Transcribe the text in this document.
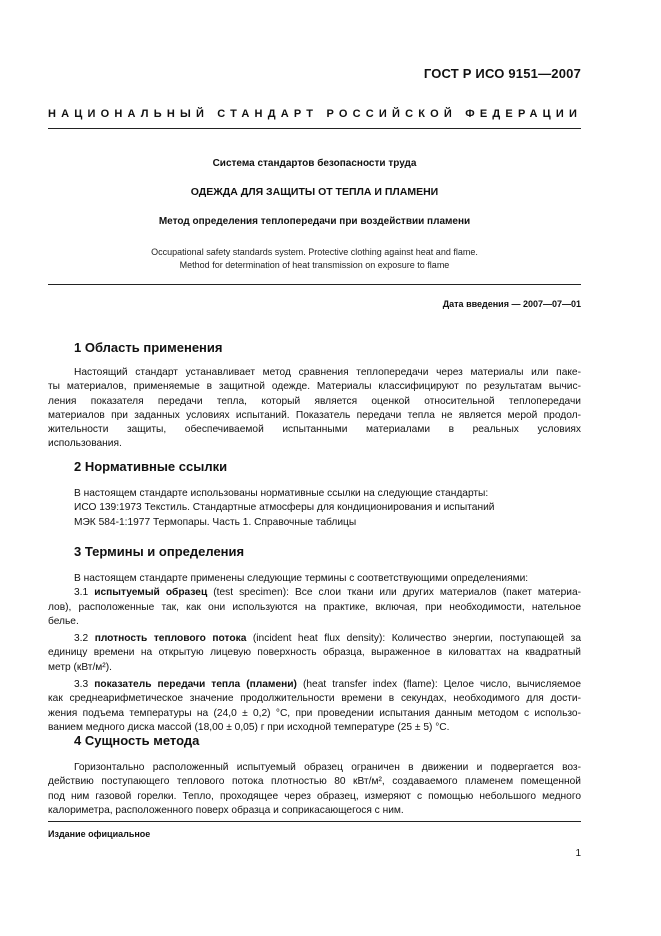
ГОСТ Р ИСО 9151—2007
НАЦИОНАЛЬНЫЙ СТАНДАРТ РОССИЙСКОЙ ФЕДЕРАЦИИ
Система стандартов безопасности труда
ОДЕЖДА ДЛЯ ЗАЩИТЫ ОТ ТЕПЛА И ПЛАМЕНИ
Метод определения теплопередачи при воздействии пламени
Occupational safety standards system. Protective clothing against heat and flame.
Method for determination of heat transmission on exposure to flame
Дата введения — 2007—07—01
1 Область применения
Настоящий стандарт устанавливает метод сравнения теплопередачи через материалы или паке-
ты материалов, применяемые в защитной одежде. Материалы классифицируют по результатам вычис-
ления показателя передачи тепла, который является оценкой относительной теплопередачи
материалов при заданных условиях испытаний. Показатель передачи тепла не является мерой продол-
жительности защиты, обеспечиваемой испытанными материалами в реальных условиях
использования.
2 Нормативные ссылки
В настоящем стандарте использованы нормативные ссылки на следующие стандарты:
ИСО 139:1973 Текстиль. Стандартные атмосферы для кондиционирования и испытаний
МЭК 584-1:1977 Термопары. Часть 1. Справочные таблицы
3 Термины и определения
В настоящем стандарте применены следующие термины с соответствующими определениями:
3.1 испытуемый образец (test specimen): Все слои ткани или других материалов (пакет материа-
лов), расположенные так, как они используются на практике, включая, при необходимости, нательное
белье.
3.2 плотность теплового потока (incident heat flux density): Количество энергии, поступающей за
единицу времени на открытую лицевую поверхность образца, выраженное в киловаттах на квадратный
метр (кВт/м²).
3.3 показатель передачи тепла (пламени) (heat transfer index (flame): Целое число, вычисляемое
как среднеарифметическое значение продолжительности времени в секундах, необходимого для дости-
жения подъема температуры на (24,0 ± 0,2) °С, при проведении испытания данным методом с использо-
ванием медного диска массой (18,00 ± 0,05) г при исходной температуре (25 ± 5) °С.
4 Сущность метода
Горизонтально расположенный испытуемый образец ограничен в движении и подвергается воз-
действию поступающего теплового потока плотностью 80 кВт/м², создаваемого пламенем помещенной
под ним газовой горелки. Тепло, проходящее через образец, измеряют с помощью небольшого медного
калориметра, расположенного поверх образца и соприкасающегося с ним.
Издание официальное
1
